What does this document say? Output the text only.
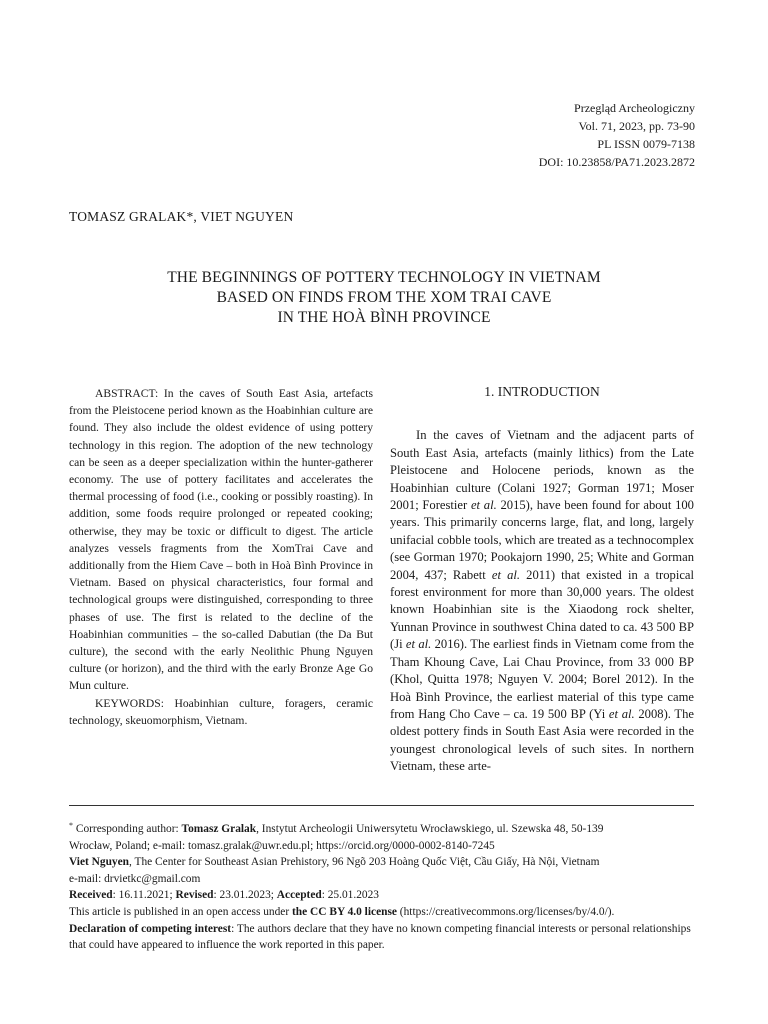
Przegląd Archeologiczny
Vol. 71, 2023, pp. 73-90
PL ISSN 0079-7138
DOI: 10.23858/PA71.2023.2872
TOMASZ GRALAK*, VIET NGUYEN
THE BEGINNINGS OF POTTERY TECHNOLOGY IN VIETNAM
BASED ON FINDS FROM THE XOM TRAI CAVE
IN THE HOÀ BÌNH PROVINCE

ABSTRACT: In the caves of South East Asia, artefacts from the Pleistocene period known as the Hoabinhian culture are found. They also include the oldest evidence of using pottery technology in this region. The adoption of the new technology can be seen as a deeper specialization within the hunter-gatherer economy. The use of pottery facilitates and accelerates the thermal processing of food (i.e., cooking or possibly roasting). In addition, some foods require prolonged or repeated cooking; otherwise, they may be toxic or difficult to digest. The article analyzes vessels fragments from the XomTrai Cave and additionally from the Hiem Cave – both in Hoà Bình Province in Vietnam. Based on physical characteristics, four formal and technological groups were distinguished, corresponding to three phases of use. The first is related to the decline of the Hoabinhian communities – the so-called Dabutian (the Da But culture), the second with the early Neolithic Phung Nguyen culture (or horizon), and the third with the early Bronze Age Go Mun culture.

KEYWORDS: Hoabinhian culture, foragers, ceramic technology, skeuomorphism, Vietnam.

1. INTRODUCTION

In the caves of Vietnam and the adjacent parts of South East Asia, artefacts (mainly lithics) from the Late Pleistocene and Holocene periods, known as the Hoabinhian culture (Colani 1927; Gorman 1971; Moser 2001; Forestier et al. 2015), have been found for about 100 years. This primarily concerns large, flat, and long, largely unifacial cobble tools, which are treated as a technocomplex (see Gorman 1970; Pookajorn 1990, 25; White and Gorman 2004, 437; Rabett et al. 2011) that existed in a tropical forest environment for more than 30,000 years. The oldest known Hoabinhian site is the Xiaodong rock shelter, Yunnan Province in southwest China dated to ca. 43 500 BP (Ji et al. 2016). The earliest finds in Vietnam come from the Tham Khoung Cave, Lai Chau Province, from 33 000 BP (Khol, Quitta 1978; Nguyen V. 2004; Borel 2012). In the Hoà Bình Province, the earliest material of this type came from Hang Cho Cave – ca. 19 500 BP (Yi et al. 2008). The oldest pottery finds in South East Asia were recorded in the youngest chronological levels of such sites. In northern Vietnam, these arte-

* Corresponding author: Tomasz Gralak, Instytut Archeologii Uniwersytetu Wrocławskiego, ul. Szewska 48, 50-139
Wrocław, Poland; e-mail: tomasz.gralak@uwr.edu.pl; https://orcid.org/0000-0002-8140-7245
Viet Nguyen, The Center for Southeast Asian Prehistory, 96 Ngõ 203 Hoàng Quốc Việt, Cầu Giấy, Hà Nội, Vietnam
e-mail: drvietkc@gmail.com
Received: 16.11.2021; Revised: 23.01.2023; Accepted: 25.01.2023
This article is published in an open access under the CC BY 4.0 license (https://creativecommons.org/licenses/by/4.0/).
Declaration of competing interest: The authors declare that they have no known competing financial interests or personal relationships that could have appeared to influence the work reported in this paper.
